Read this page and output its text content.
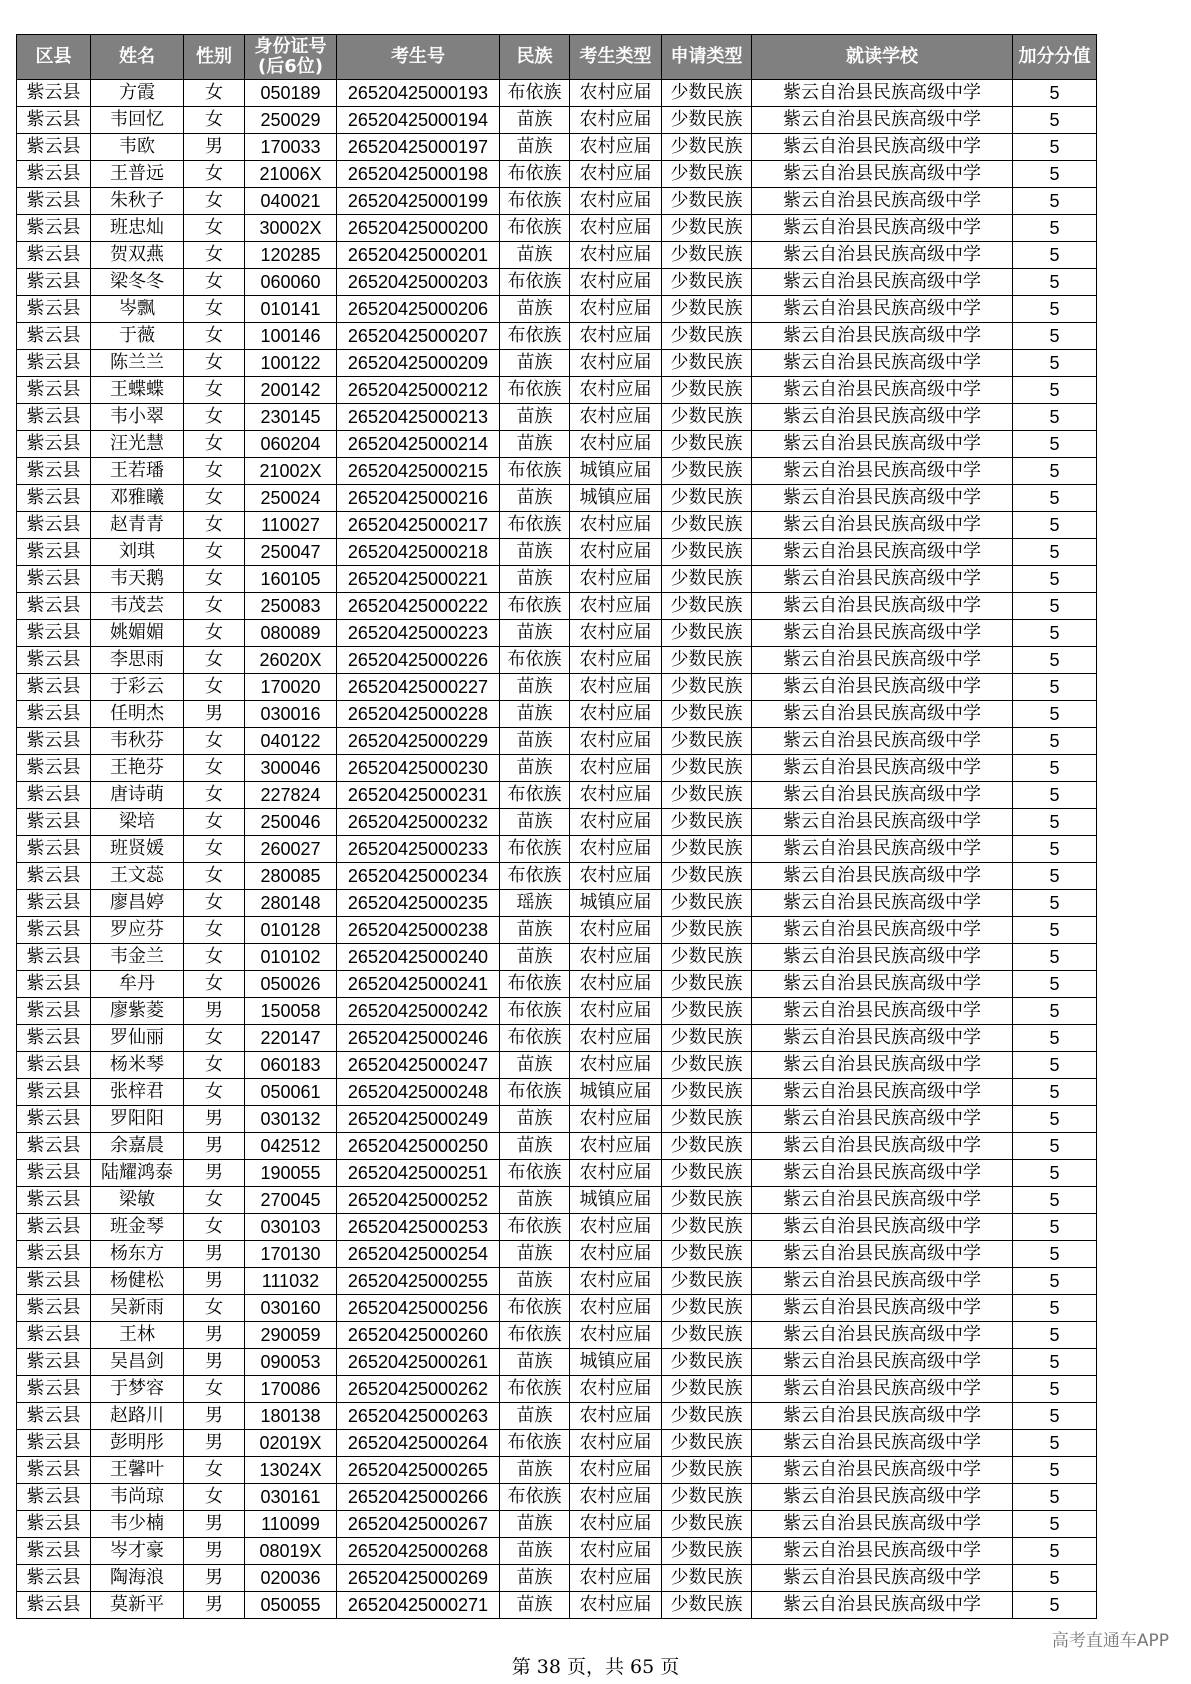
区县	姓名	性别	身份证号
(后6位)	考生号	民族	考生类型	申请类型	就读学校	加分分值
紫云县	方霞	女	050189	26520425000193	布依族	农村应届	少数民族	紫云自治县民族高级中学	5
紫云县	韦回忆	女	250029	26520425000194	苗族	农村应届	少数民族	紫云自治县民族高级中学	5
紫云县	韦欧	男	170033	26520425000197	苗族	农村应届	少数民族	紫云自治县民族高级中学	5
紫云县	王普远	女	21006X	26520425000198	布依族	农村应届	少数民族	紫云自治县民族高级中学	5
紫云县	朱秋子	女	040021	26520425000199	布依族	农村应届	少数民族	紫云自治县民族高级中学	5
紫云县	班忠灿	女	30002X	26520425000200	布依族	农村应届	少数民族	紫云自治县民族高级中学	5
紫云县	贺双燕	女	120285	26520425000201	苗族	农村应届	少数民族	紫云自治县民族高级中学	5
紫云县	梁冬冬	女	060060	26520425000203	布依族	农村应届	少数民族	紫云自治县民族高级中学	5
紫云县	岑飘	女	010141	26520425000206	苗族	农村应届	少数民族	紫云自治县民族高级中学	5
紫云县	于薇	女	100146	26520425000207	布依族	农村应届	少数民族	紫云自治县民族高级中学	5
紫云县	陈兰兰	女	100122	26520425000209	苗族	农村应届	少数民族	紫云自治县民族高级中学	5
紫云县	王蝶蝶	女	200142	26520425000212	布依族	农村应届	少数民族	紫云自治县民族高级中学	5
紫云县	韦小翠	女	230145	26520425000213	苗族	农村应届	少数民族	紫云自治县民族高级中学	5
紫云县	汪光慧	女	060204	26520425000214	苗族	农村应届	少数民族	紫云自治县民族高级中学	5
紫云县	王若璠	女	21002X	26520425000215	布依族	城镇应届	少数民族	紫云自治县民族高级中学	5
紫云县	邓雅曦	女	250024	26520425000216	苗族	城镇应届	少数民族	紫云自治县民族高级中学	5
紫云县	赵青青	女	110027	26520425000217	布依族	农村应届	少数民族	紫云自治县民族高级中学	5
紫云县	刘琪	女	250047	26520425000218	苗族	农村应届	少数民族	紫云自治县民族高级中学	5
紫云县	韦天鹅	女	160105	26520425000221	苗族	农村应届	少数民族	紫云自治县民族高级中学	5
紫云县	韦茂芸	女	250083	26520425000222	布依族	农村应届	少数民族	紫云自治县民族高级中学	5
紫云县	姚媚媚	女	080089	26520425000223	苗族	农村应届	少数民族	紫云自治县民族高级中学	5
紫云县	李思雨	女	26020X	26520425000226	布依族	农村应届	少数民族	紫云自治县民族高级中学	5
紫云县	于彩云	女	170020	26520425000227	苗族	农村应届	少数民族	紫云自治县民族高级中学	5
紫云县	任明杰	男	030016	26520425000228	苗族	农村应届	少数民族	紫云自治县民族高级中学	5
紫云县	韦秋芬	女	040122	26520425000229	苗族	农村应届	少数民族	紫云自治县民族高级中学	5
紫云县	王艳芬	女	300046	26520425000230	苗族	农村应届	少数民族	紫云自治县民族高级中学	5
紫云县	唐诗萌	女	227824	26520425000231	布依族	农村应届	少数民族	紫云自治县民族高级中学	5
紫云县	梁培	女	250046	26520425000232	苗族	农村应届	少数民族	紫云自治县民族高级中学	5
紫云县	班贤媛	女	260027	26520425000233	布依族	农村应届	少数民族	紫云自治县民族高级中学	5
紫云县	王文蕊	女	280085	26520425000234	布依族	农村应届	少数民族	紫云自治县民族高级中学	5
紫云县	廖昌婷	女	280148	26520425000235	瑶族	城镇应届	少数民族	紫云自治县民族高级中学	5
紫云县	罗应芬	女	010128	26520425000238	苗族	农村应届	少数民族	紫云自治县民族高级中学	5
紫云县	韦金兰	女	010102	26520425000240	苗族	农村应届	少数民族	紫云自治县民族高级中学	5
紫云县	牟丹	女	050026	26520425000241	布依族	农村应届	少数民族	紫云自治县民族高级中学	5
紫云县	廖紫菱	男	150058	26520425000242	布依族	农村应届	少数民族	紫云自治县民族高级中学	5
紫云县	罗仙丽	女	220147	26520425000246	布依族	农村应届	少数民族	紫云自治县民族高级中学	5
紫云县	杨米琴	女	060183	26520425000247	苗族	农村应届	少数民族	紫云自治县民族高级中学	5
紫云县	张梓君	女	050061	26520425000248	布依族	城镇应届	少数民族	紫云自治县民族高级中学	5
紫云县	罗阳阳	男	030132	26520425000249	苗族	农村应届	少数民族	紫云自治县民族高级中学	5
紫云县	余嘉晨	男	042512	26520425000250	苗族	农村应届	少数民族	紫云自治县民族高级中学	5
紫云县	陆耀鸿泰	男	190055	26520425000251	布依族	农村应届	少数民族	紫云自治县民族高级中学	5
紫云县	梁敏	女	270045	26520425000252	苗族	城镇应届	少数民族	紫云自治县民族高级中学	5
紫云县	班金琴	女	030103	26520425000253	布依族	农村应届	少数民族	紫云自治县民族高级中学	5
紫云县	杨东方	男	170130	26520425000254	苗族	农村应届	少数民族	紫云自治县民族高级中学	5
紫云县	杨健松	男	111032	26520425000255	苗族	农村应届	少数民族	紫云自治县民族高级中学	5
紫云县	吴新雨	女	030160	26520425000256	布依族	农村应届	少数民族	紫云自治县民族高级中学	5
紫云县	王林	男	290059	26520425000260	布依族	农村应届	少数民族	紫云自治县民族高级中学	5
紫云县	吴昌剑	男	090053	26520425000261	苗族	城镇应届	少数民族	紫云自治县民族高级中学	5
紫云县	于梦容	女	170086	26520425000262	布依族	农村应届	少数民族	紫云自治县民族高级中学	5
紫云县	赵路川	男	180138	26520425000263	苗族	农村应届	少数民族	紫云自治县民族高级中学	5
紫云县	彭明彤	男	02019X	26520425000264	布依族	农村应届	少数民族	紫云自治县民族高级中学	5
紫云县	王馨叶	女	13024X	26520425000265	苗族	农村应届	少数民族	紫云自治县民族高级中学	5
紫云县	韦尚琼	女	030161	26520425000266	布依族	农村应届	少数民族	紫云自治县民族高级中学	5
紫云县	韦少楠	男	110099	26520425000267	苗族	农村应届	少数民族	紫云自治县民族高级中学	5
紫云县	岑才豪	男	08019X	26520425000268	苗族	农村应届	少数民族	紫云自治县民族高级中学	5
紫云县	陶海浪	男	020036	26520425000269	苗族	农村应届	少数民族	紫云自治县民族高级中学	5
紫云县	莫新平	男	050055	26520425000271	苗族	农村应届	少数民族	紫云自治县民族高级中学	5
高考直通车APP
第 38 页，共 65 页
